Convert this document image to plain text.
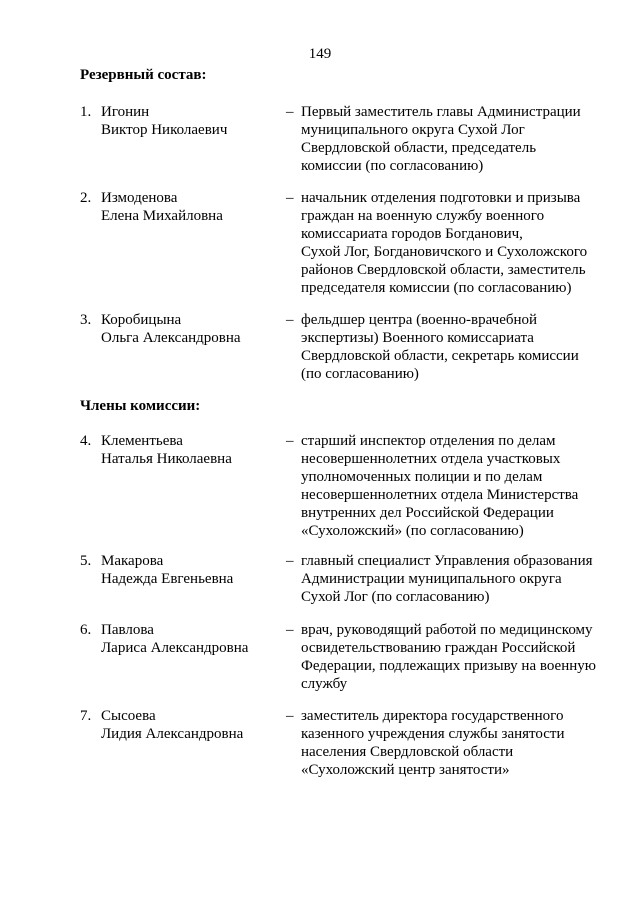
149
Резервный состав:
1. Игонин
Виктор Николаевич
– Первый заместитель главы Администрации
муниципального округа Сухой Лог
Свердловской области, председатель
комиссии (по согласованию)
2. Измоденова
Елена Михайловна
– начальник отделения подготовки и призыва
граждан на военную службу военного
комиссариата городов Богданович,
Сухой Лог, Богдановичского и Сухоложского
районов Свердловской области, заместитель
председателя комиссии (по согласованию)
3. Коробицына
Ольга Александровна
– фельдшер центра (военно-врачебной
экспертизы) Военного комиссариата
Свердловской области, секретарь комиссии
(по согласованию)
Члены комиссии:
4. Клементьева
Наталья Николаевна
– старший инспектор отделения по делам
несовершеннолетних отдела участковых
уполномоченных полиции и по делам
несовершеннолетних отдела Министерства
внутренних дел Российской Федерации
«Сухоложский» (по согласованию)
5. Макарова
Надежда Евгеньевна
– главный специалист Управления образования
Администрации муниципального округа
Сухой Лог (по согласованию)
6. Павлова
Лариса Александровна
– врач, руководящий работой по медицинскому
освидетельствованию граждан Российской
Федерации, подлежащих призыву на военную
службу
7. Сысоева
Лидия Александровна
– заместитель директора государственного
казенного учреждения службы занятости
населения Свердловской области
«Сухоложский центр занятости»
